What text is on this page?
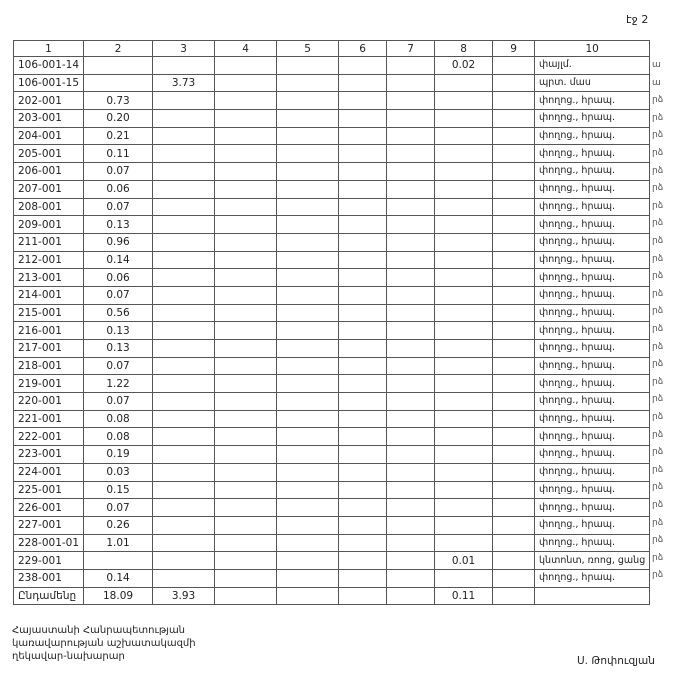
էջ 2
1	2	3	4	5	6	7	8	9	10
106-001-14							0.02		փայլմ.
106-001-15		3.73							պրտ. մաս
202-001	0.73								փողոց., հրապ.
203-001	0.20								փողոց., հրապ.
204-001	0.21								փողոց., հրապ.
205-001	0.11								փողոց., հրապ.
206-001	0.07								փողոց., հրապ.
207-001	0.06								փողոց., հրապ.
208-001	0.07								փողոց., հրապ.
209-001	0.13								փողոց., հրապ.
211-001	0.96								փողոց., հրապ.
212-001	0.14								փողոց., հրապ.
213-001	0.06								փողոց., հրապ.
214-001	0.07								փողոց., հրապ.
215-001	0.56								փողոց., հրապ.
216-001	0.13								փողոց., հրապ.
217-001	0.13								փողոց., հրապ.
218-001	0.07								փողոց., հրապ.
219-001	1.22								փողոց., հրապ.
220-001	0.07								փողոց., հրապ.
221-001	0.08								փողոց., հրապ.
222-001	0.08								փողոց., հրապ.
223-001	0.19								փողոց., հրապ.
224-001	0.03								փողոց., հրապ.
225-001	0.15								փողոց., հրապ.
226-001	0.07								փողոց., հրապ.
227-001	0.26								փողոց., հրապ.
228-001-01	1.01								փողոց., հրապ.
229-001							0.01		կնտոնտ, ռոոց, ցանց
238-001	0.14								փողոց., հրապ.
Ընդամենը	18.09	3.93					0.11		
ա
ա
րձ
րձ
րձ
րձ
րձ
րձ
րձ
րձ
րձ
րձ
րձ
րձ
րձ
րձ
րձ
րձ
րձ
րձ
րձ
րձ
րձ
րձ
րձ
րձ
րձ
րձ
րձ
րձ
Հայաստանի Հանրապետության
կառավարության աշխատակազմի
ղեկավար-նախարար	Ս. Թոփուզյան
